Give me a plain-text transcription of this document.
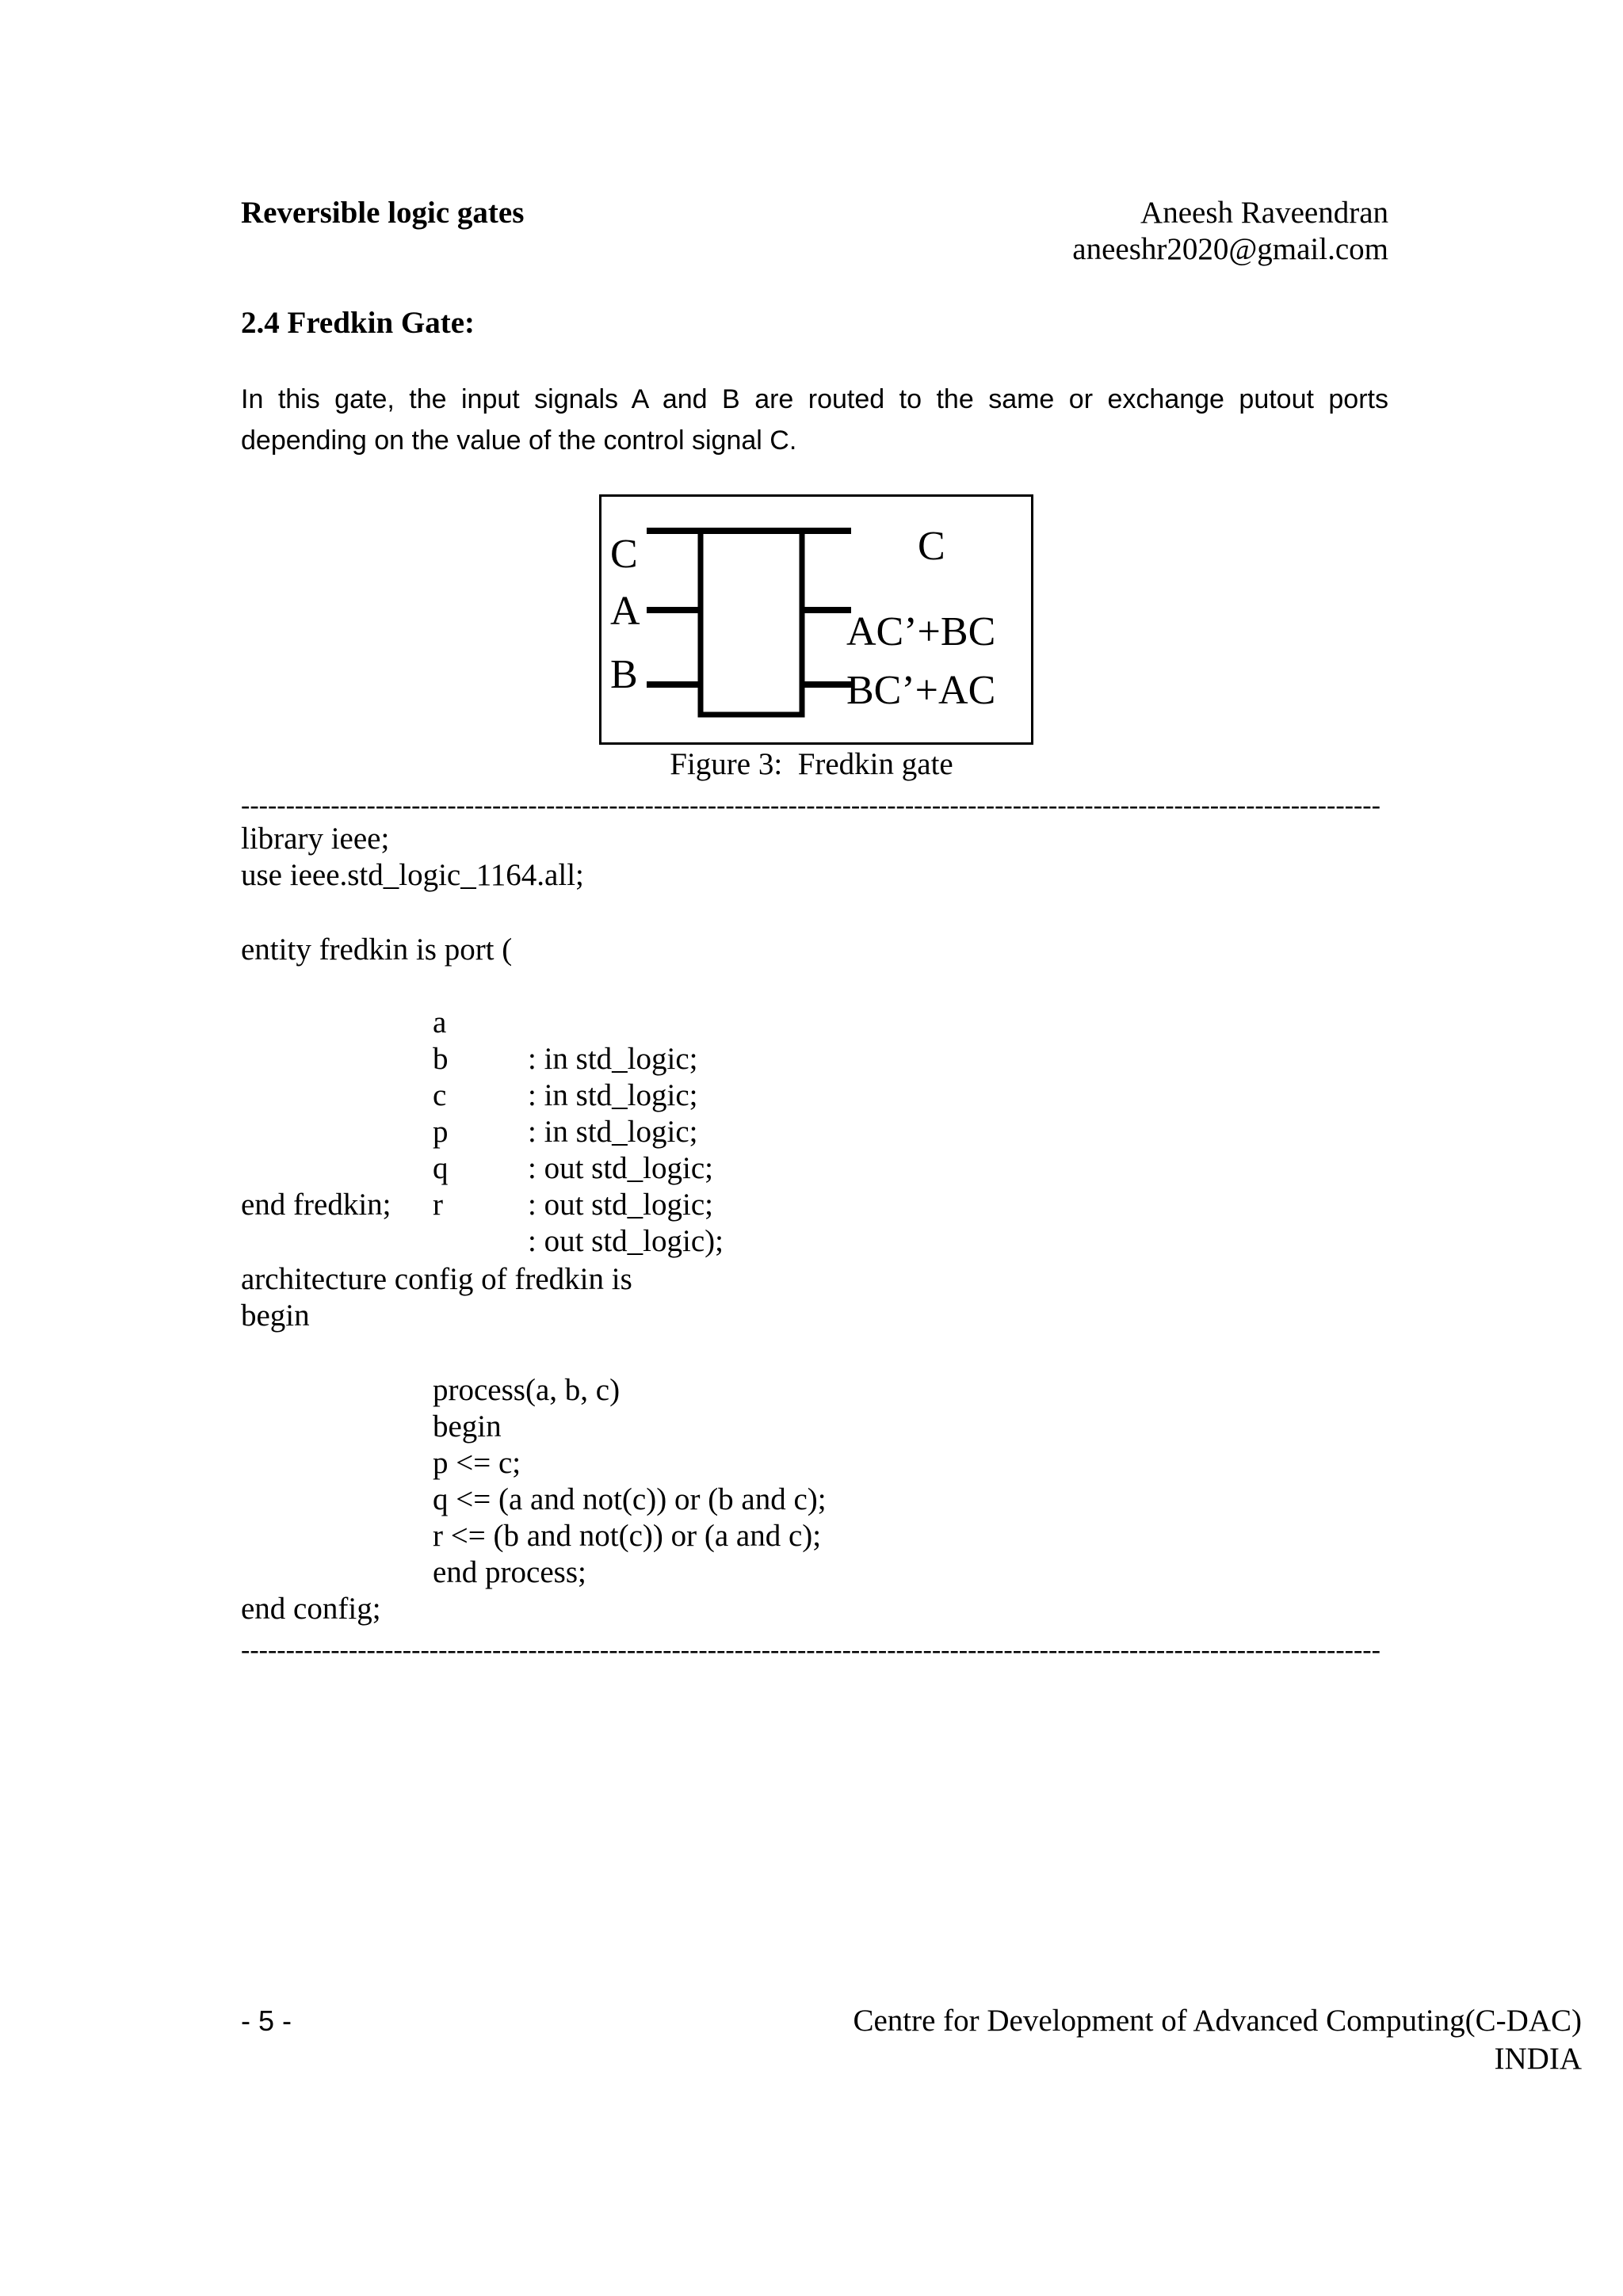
Reversible logic gates	Aneesh Raveendran
aneeshr2020@gmail.com
2.4 Fredkin Gate:
In this gate, the input signals A and B are routed to the same or exchange putout ports depending on the value of the control signal C.
C
A
B
C
AC’+BC
BC’+AC
Figure 3:  Fredkin gate
-------------------------------------------------------------------------------------------------------------------------------
library ieee;
use ieee.std_logic_1164.all;
entity fredkin is port (

a

: in std_logic;

b

: in std_logic;

c

: in std_logic;

p

: out std_logic;

q

: out std_logic;

r

: out std_logic);

end fredkin;
architecture config of fredkin is
begin
process(a, b, c)
begin
p <= c;
q <= (a and not(c)) or (b and c);
r <= (b and not(c)) or (a and c);
end process;
end config;
-------------------------------------------------------------------------------------------------------------------------------
- 5 -	Centre for Development of Advanced Computing(C-DAC)
INDIA
